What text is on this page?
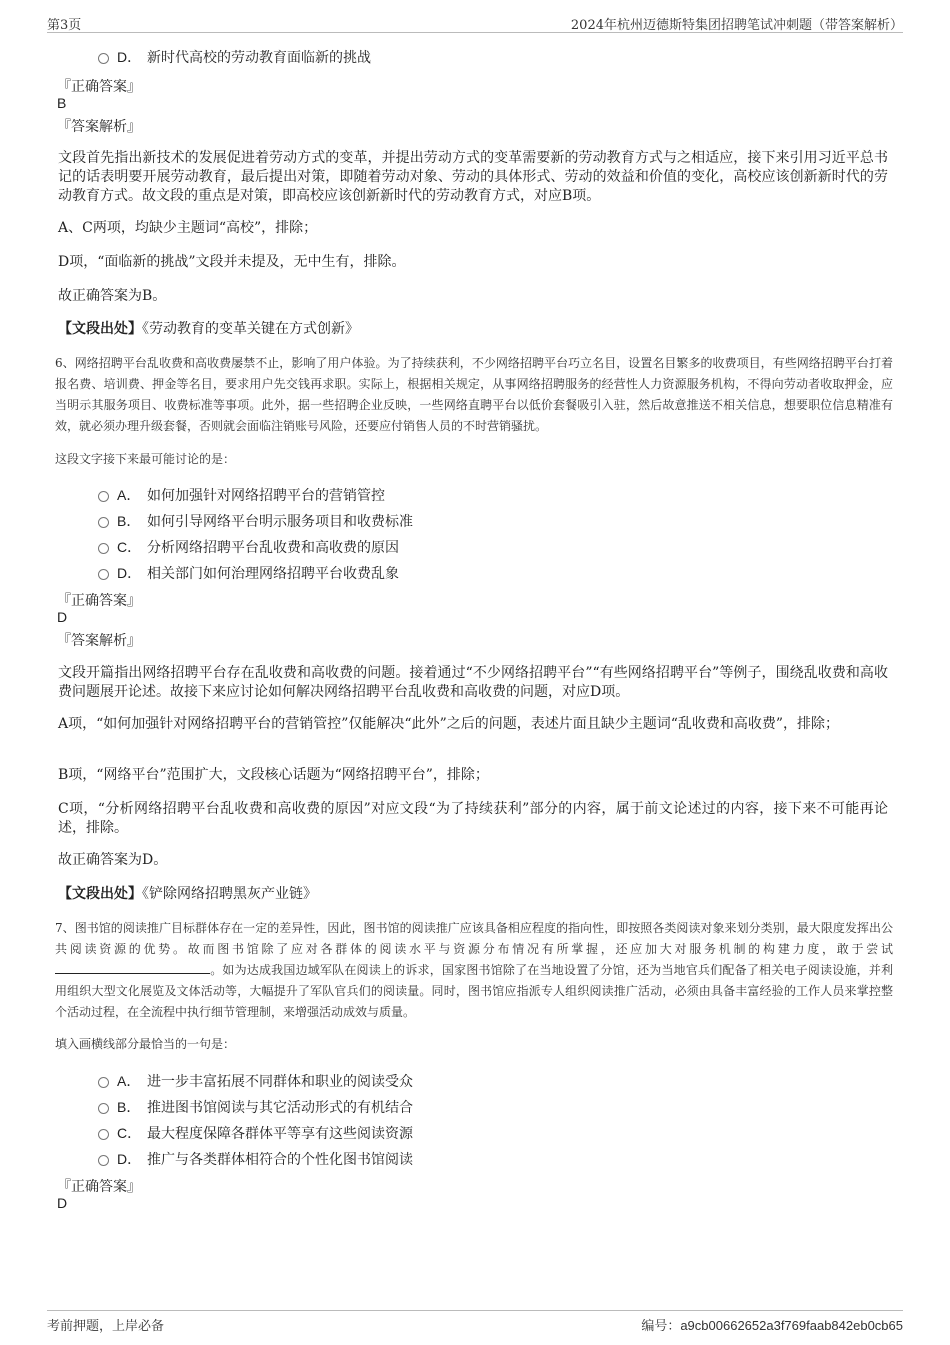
第3页	2024年杭州迈德斯特集团招聘笔试冲刺题（带答案解析）
D． 新时代高校的劳动教育面临新的挑战
『正确答案』
B
『答案解析』
文段首先指出新技术的发展促进着劳动方式的变革，并提出劳动方式的变革需要新的劳动教育方式与之相适应，接下来引用习近平总书记的话表明要开展劳动教育，最后提出对策，即随着劳动对象、劳动的具体形式、劳动的效益和价值的变化，高校应该创新新时代的劳动教育方式。故文段的重点是对策，即高校应该创新新时代的劳动教育方式，对应B项。
A、C两项，均缺少主题词“高校”，排除；
D项，“面临新的挑战”文段并未提及，无中生有，排除。
故正确答案为B。
【文段出处】《劳动教育的变革关键在方式创新》
6、网络招聘平台乱收费和高收费屡禁不止，影响了用户体验。为了持续获利，不少网络招聘平台巧立名目，设置名目繁多的收费项目，有些网络招聘平台打着报名费、培训费、押金等名目，要求用户先交钱再求职。实际上，根据相关规定，从事网络招聘服务的经营性人力资源服务机构，不得向劳动者收取押金，应当明示其服务项目、收费标准等事项。此外，据一些招聘企业反映，一些网络直聘平台以低价套餐吸引入驻，然后故意推送不相关信息，想要职位信息精准有效，就必须办理升级套餐，否则就会面临注销账号风险，还要应付销售人员的不时营销骚扰。
这段文字接下来最可能讨论的是：
A． 如何加强针对网络招聘平台的营销管控
B． 如何引导网络平台明示服务项目和收费标准
C． 分析网络招聘平台乱收费和高收费的原因
D． 相关部门如何治理网络招聘平台收费乱象
『正确答案』
D
『答案解析』
文段开篇指出网络招聘平台存在乱收费和高收费的问题。接着通过“不少网络招聘平台”“有些网络招聘平台”等例子，围绕乱收费和高收费问题展开论述。故接下来应讨论如何解决网络招聘平台乱收费和高收费的问题，对应D项。
A项，“如何加强针对网络招聘平台的营销管控”仅能解决“此外”之后的问题，表述片面且缺少主题词“乱收费和高收费”，排除；
B项，“网络平台”范围扩大，文段核心话题为“网络招聘平台”，排除；
C项，“分析网络招聘平台乱收费和高收费的原因”对应文段“为了持续获利”部分的内容，属于前文论述过的内容，接下来不可能再论述，排除。
故正确答案为D。
【文段出处】《铲除网络招聘黑灰产业链》
7、图书馆的阅读推广目标群体存在一定的差异性，因此，图书馆的阅读推广应该具备相应程度的指向性，即按照各类阅读对象来划分类别，最大限度发挥出公共阅读资源的优势。故而图书馆除了应对各群体的阅读水平与资源分布情况有所掌握，还应加大对服务机制的构建力度，敢于尝试。如为达成我国边域军队在阅读上的诉求，国家图书馆除了在当地设置了分馆，还为当地官兵们配备了相关电子阅读设施，并利用组织大型文化展览及文体活动等，大幅提升了军队官兵们的阅读量。同时，图书馆应指派专人组织阅读推广活动，必须由具备丰富经验的工作人员来掌控整个活动过程，在全流程中执行细节管理制，来增强活动成效与质量。
填入画横线部分最恰当的一句是：
A． 进一步丰富拓展不同群体和职业的阅读受众
B． 推进图书馆阅读与其它活动形式的有机结合
C． 最大程度保障各群体平等享有这些阅读资源
D． 推广与各类群体相符合的个性化图书馆阅读
『正确答案』
D
考前押题，上岸必备	编号：a9cb00662652a3f769faab842eb0cb65
